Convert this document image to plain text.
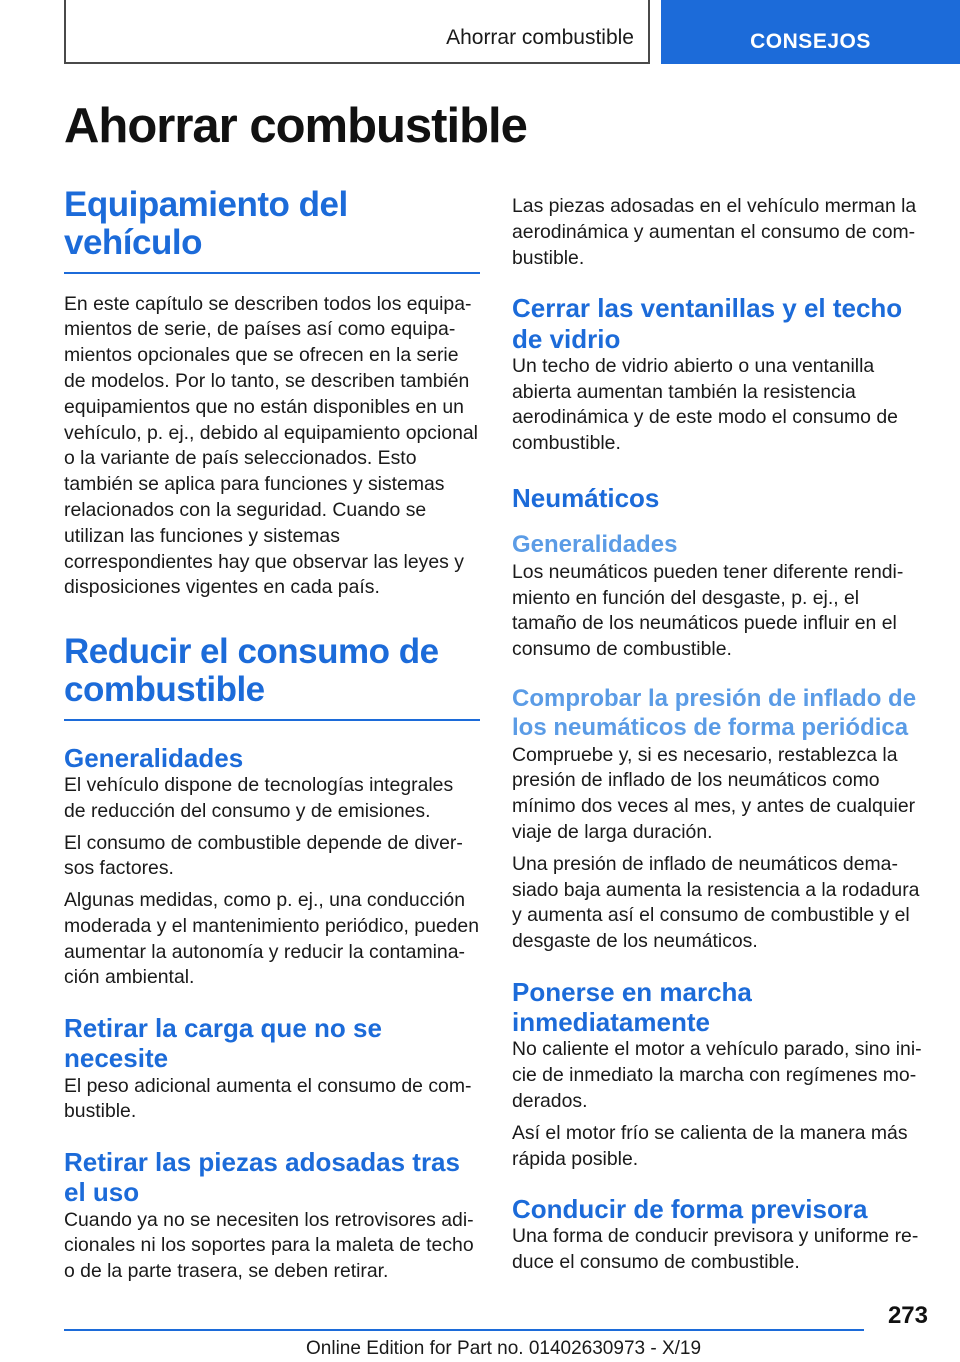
Ahorrar combustible	CONSEJOS
Ahorrar combustible
Equipamiento del vehículo

En este capítulo se describen todos los equipamientos de serie, de países así como equipamientos opcionales que se ofrecen en la serie de modelos. Por lo tanto, se describen también equipamientos que no están disponibles en un vehículo, p. ej., debido al equipamiento opcional o la variante de país seleccionados. Esto también se aplica para funciones y sistemas relacionados con la seguridad. Cuando se utilizan las funciones y sistemas correspondientes hay que observar las leyes y disposiciones vigentes en cada país.

Reducir el consumo de combustible
Generalidades

El vehículo dispone de tecnologías integrales de reducción del consumo y de emisiones.

El consumo de combustible depende de diversos factores.

Algunas medidas, como p. ej., una conducción moderada y el mantenimiento periódico, pueden aumentar la autonomía y reducir la contaminación ambiental.

Retirar la carga que no se necesite

El peso adicional aumenta el consumo de combustible.

Retirar las piezas adosadas tras el uso

Cuando ya no se necesiten los retrovisores adicionales ni los soportes para la maleta de techo o de la parte trasera, se deben retirar.

Las piezas adosadas en el vehículo merman la aerodinámica y aumentan el consumo de combustible.

Cerrar las ventanillas y el techo de vidrio

Un techo de vidrio abierto o una ventanilla abierta aumentan también la resistencia aerodinámica y de este modo el consumo de combustible.

Neumáticos
Generalidades

Los neumáticos pueden tener diferente rendimiento en función del desgaste, p. ej., el tamaño de los neumáticos puede influir en el consumo de combustible.

Comprobar la presión de inflado de los neumáticos de forma periódica

Compruebe y, si es necesario, restablezca la presión de inflado de los neumáticos como mínimo dos veces al mes, y antes de cualquier viaje de larga duración.

Una presión de inflado de neumáticos demasiado baja aumenta la resistencia a la rodadura y aumenta así el consumo de combustible y el desgaste de los neumáticos.

Ponerse en marcha inmediatamente

No caliente el motor a vehículo parado, sino inicie de inmediato la marcha con regímenes moderados.

Así el motor frío se calienta de la manera más rápida posible.

Conducir de forma previsora

Una forma de conducir previsora y uniforme reduce el consumo de combustible.

273
Online Edition for Part no. 01402630973 - X/19
